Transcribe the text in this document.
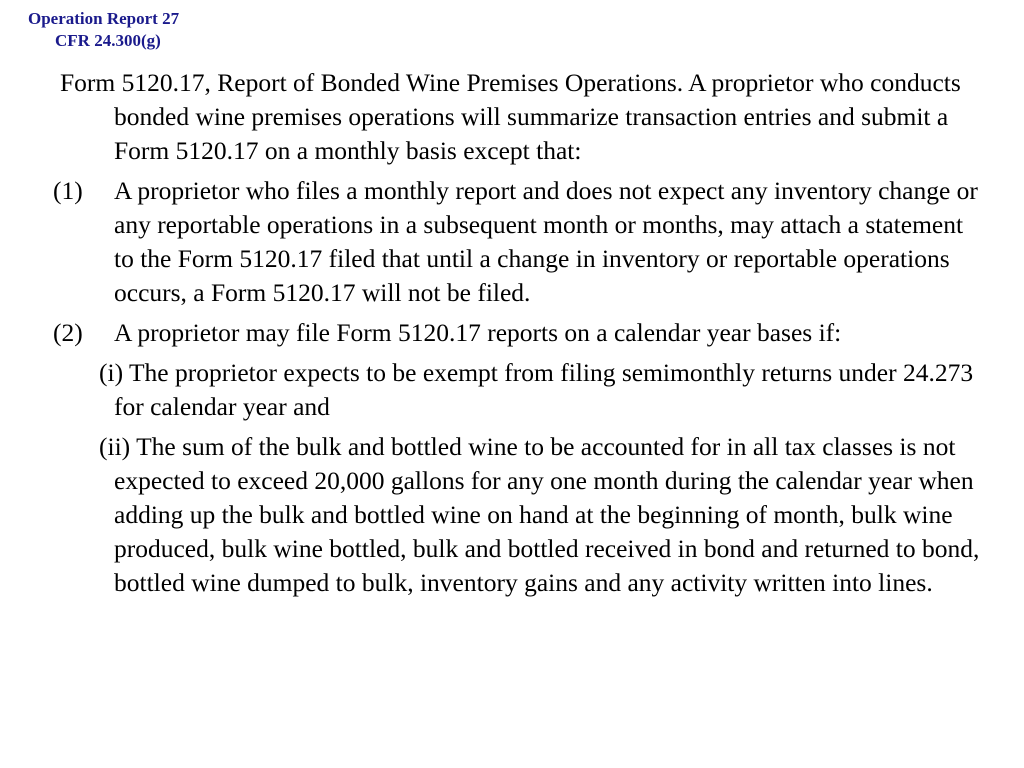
Operation Report 27
CFR 24.300(g)

Form 5120.17, Report of Bonded Wine Premises Operations. A proprietor who conducts bonded wine premises operations will summarize transaction entries and submit a Form 5120.17 on a monthly basis except that:

(1) A proprietor who files a monthly report and does not expect any inventory change or any reportable operations in a subsequent month or months, may attach a statement to the Form 5120.17 filed that until a change in inventory or reportable operations occurs, a Form 5120.17 will not be filed.
(2) A proprietor may file Form 5120.17 reports on a calendar year bases if:

(i) The proprietor expects to be exempt from filing semimonthly returns under 24.273 for calendar year and

(ii) The sum of the bulk and bottled wine to be accounted for in all tax classes is not expected to exceed 20,000 gallons for any one month during the calendar year when adding up the bulk and bottled wine on hand at the beginning of month, bulk wine produced, bulk wine bottled, bulk and bottled received in bond and returned to bond, bottled wine dumped to bulk, inventory gains and any activity written into lines.
